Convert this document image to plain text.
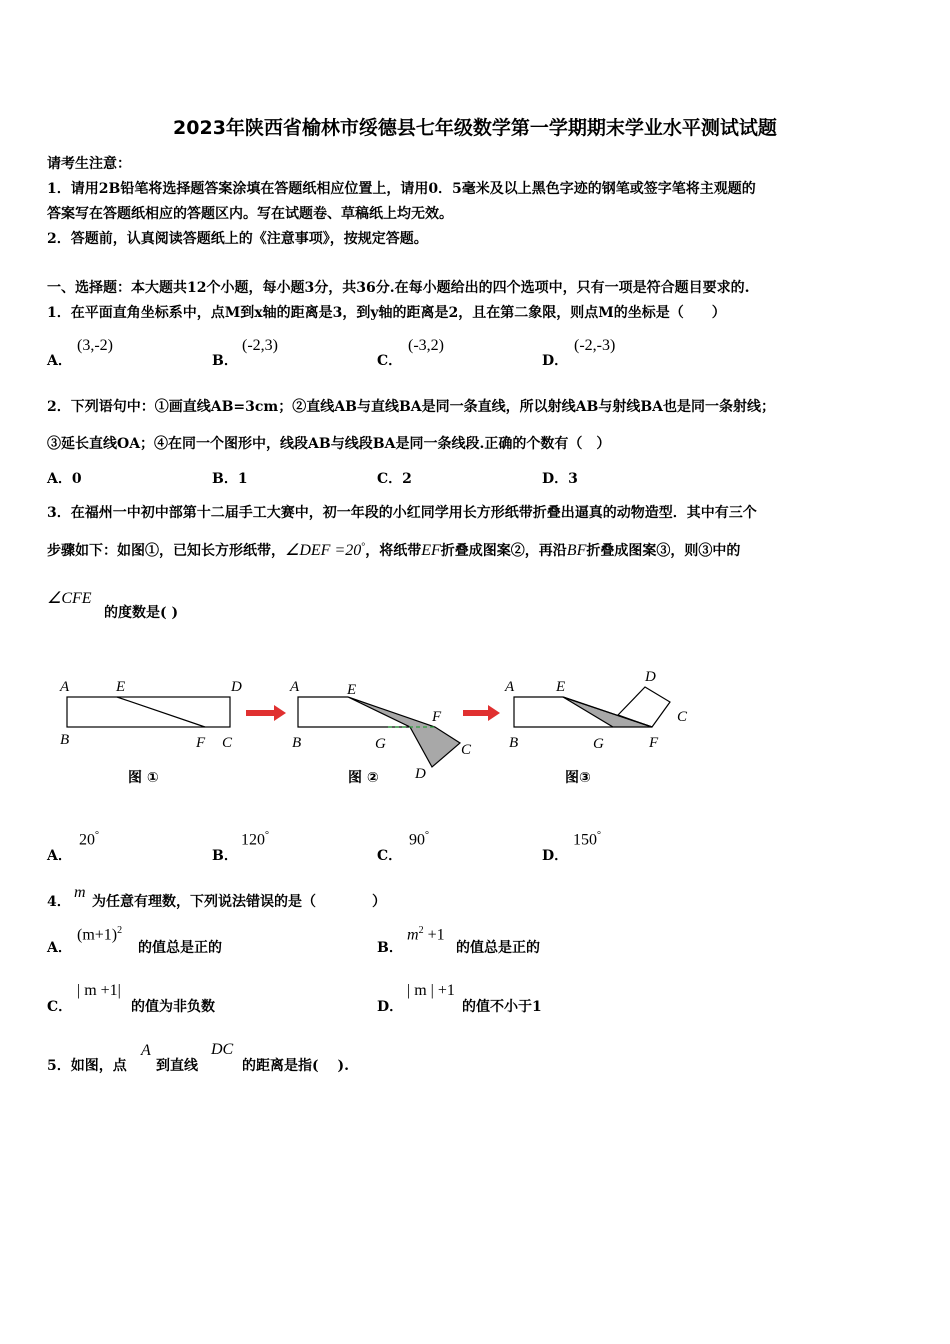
2023年陕西省榆林市绥德县七年级数学第一学期期末学业水平测试试题
请考生注意：
1．请用2B铅笔将选择题答案涂填在答题纸相应位置上，请用0．5毫米及以上黑色字迹的钢笔或签字笔将主观题的
答案写在答题纸相应的答题区内。写在试题卷、草稿纸上均无效。
2．答题前，认真阅读答题纸上的《注意事项》，按规定答题。
一、选择题：本大题共12个小题，每小题3分，共36分.在每小题给出的四个选项中，只有一项是符合题目要求的.
1．在平面直角坐标系中，点M到x轴的距离是3，到y轴的距离是2，且在第二象限，则点M的坐标是（　　）
A．
(3,-2)
B．
(-2,3)
C．
(-3,2)
D．
(-2,-3)
2．下列语句中：①画直线AB=3cm；②直线AB与直线BA是同一条直线，所以射线AB与射线BA也是同一条射线；
③延长直线OA；④在同一个图形中，线段AB与线段BA是同一条线段.正确的个数有（　）
A．0	B．1	C．2	D．3
3．在福州一中初中部第十二届手工大赛中，初一年段的小红同学用长方形纸带折叠出逼真的动物造型．其中有三个
步骤如下：如图①，已知长方形纸带，∠DEF =20°，将纸带EF折叠成图案②，再沿BF折叠成图案③，则③中的
∠CFE
的度数是( )
A	E	D
B	F C
图 ①
A	E
F
B	G	C
D
图 ②
A	E
D
C
B	G	F
图③
A．
20°
B．
120°
C．
90°
D．
150°
4．
m
为任意有理数，下列说法错误的是（　　　　）
A．
$(m+1)^2$
的值总是正的	B．
$m^2 +1$
的值总是正的
C．
| m +1|
的值为非负数	D．
| m | +1
的值不小于1
5．如图，点
A
到直线
DC
的距离是指(　 ).
